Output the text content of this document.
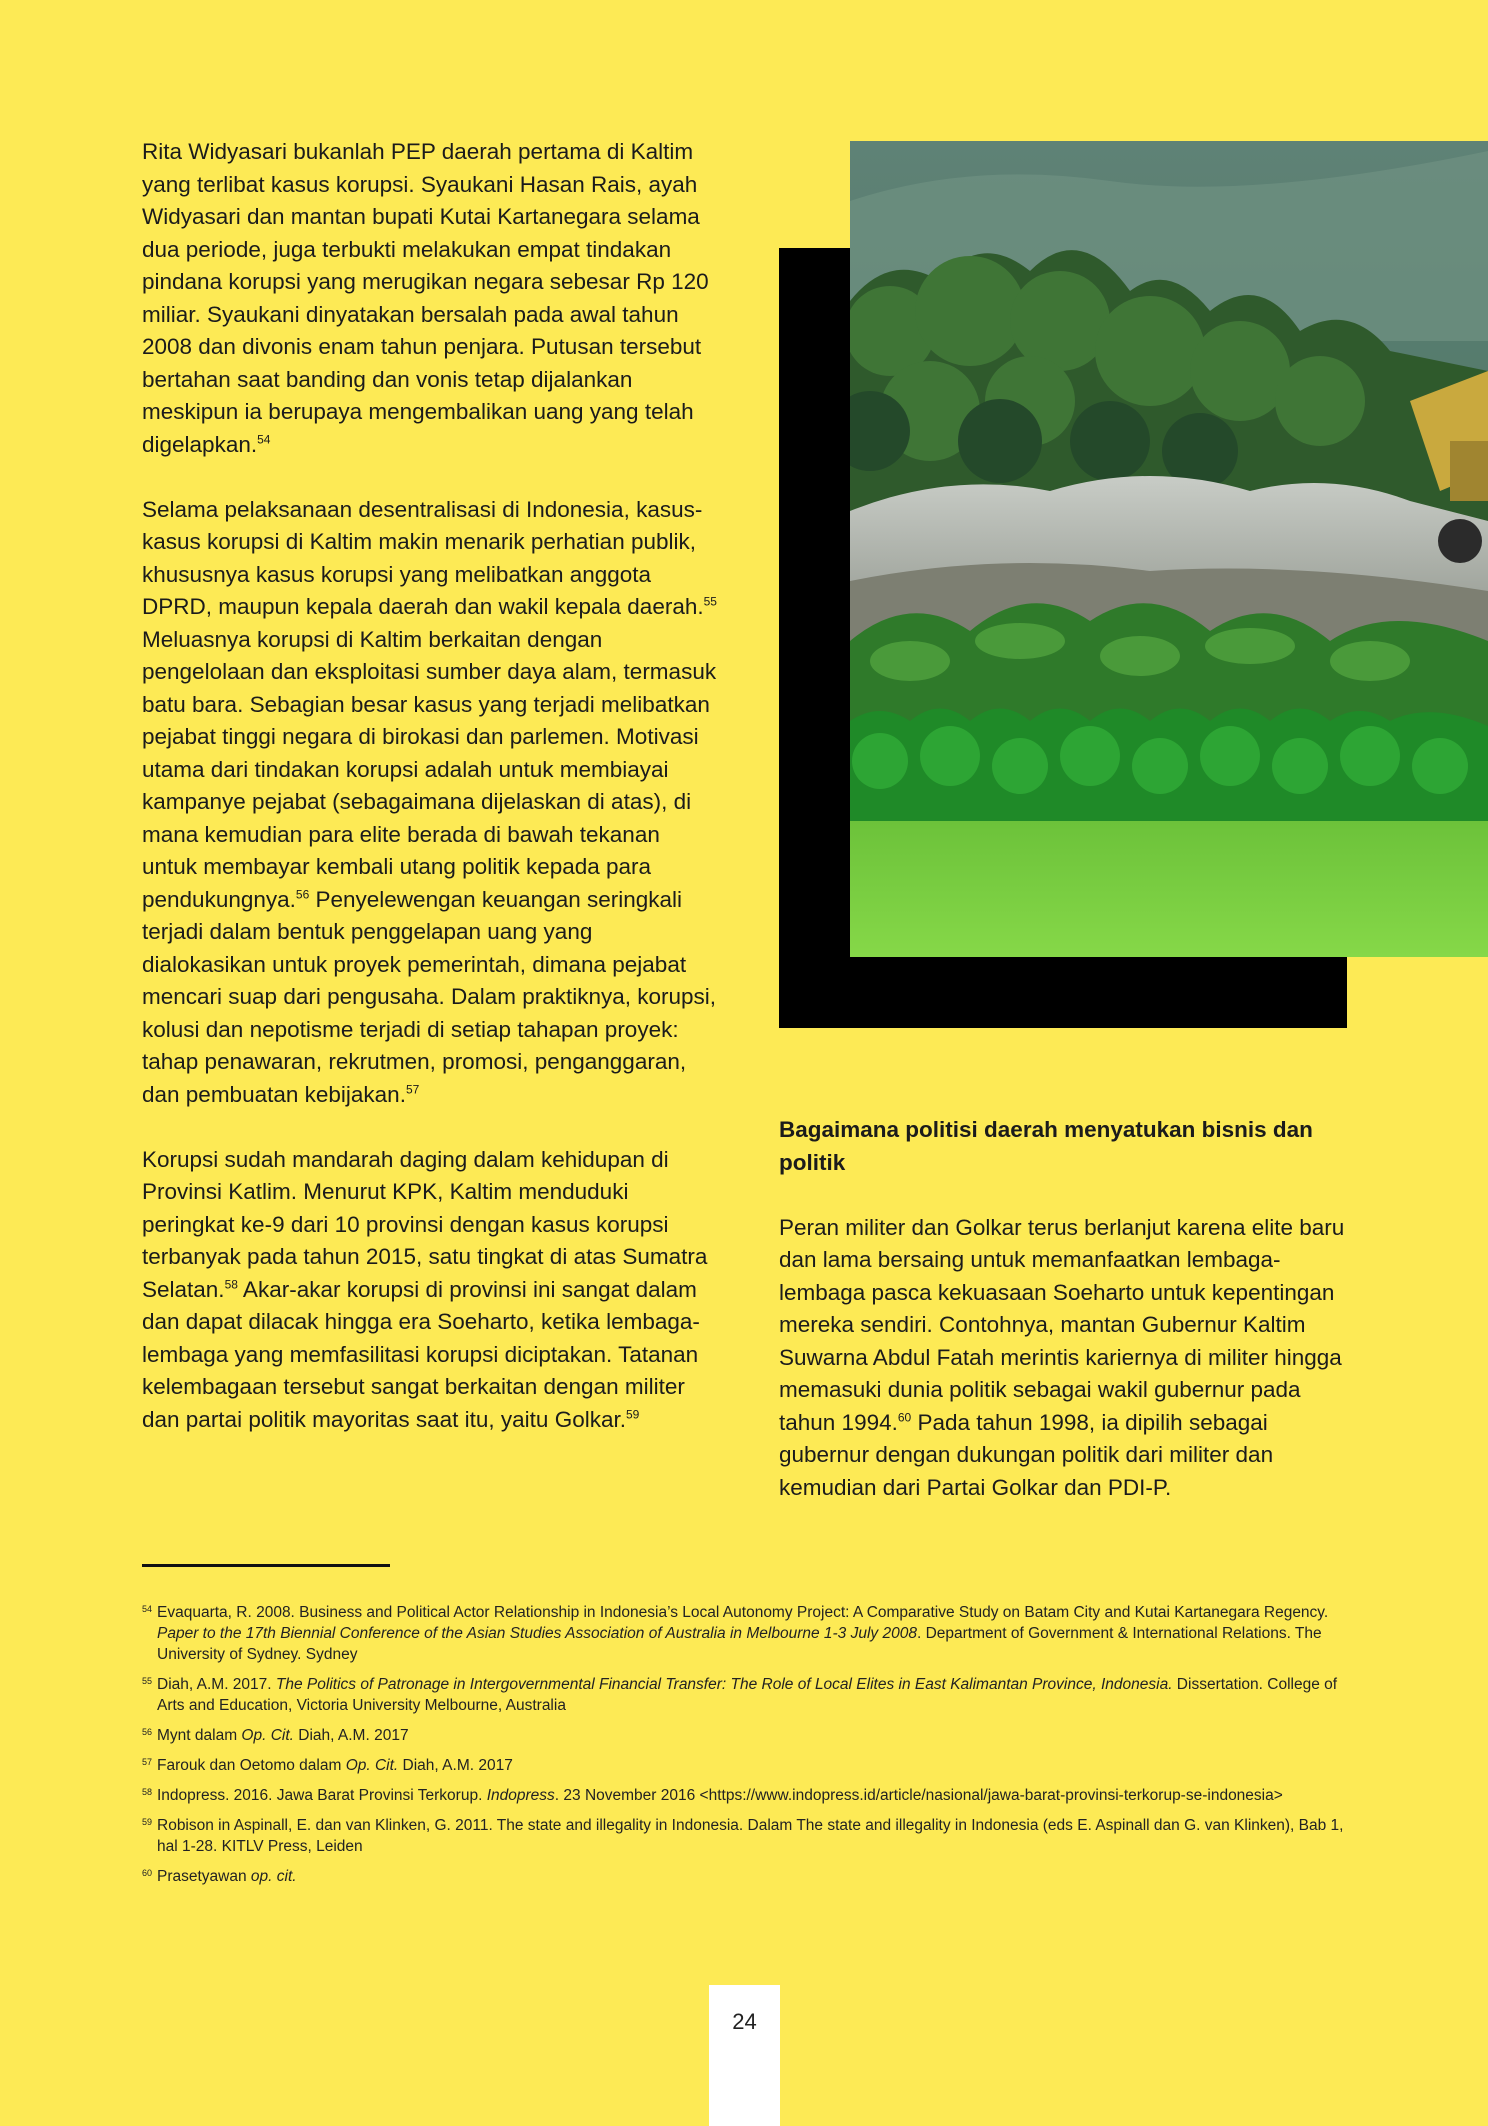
Rita Widyasari bukanlah PEP daerah pertama di Kaltim yang terlibat kasus korupsi. Syaukani Hasan Rais, ayah Widyasari dan mantan bupati Kutai Kartanegara selama dua periode, juga terbukti melakukan empat tindakan pindana korupsi yang merugikan negara sebesar Rp 120 miliar. Syaukani dinyatakan bersalah pada awal tahun 2008 dan divonis enam tahun penjara. Putusan tersebut bertahan saat banding dan vonis tetap dijalankan meskipun ia berupaya mengembalikan uang yang telah digelapkan.$^{54}$

Selama pelaksanaan desentralisasi di Indonesia, kasus-kasus korupsi di Kaltim makin menarik perhatian publik, khususnya kasus korupsi yang melibatkan anggota DPRD, maupun kepala daerah dan wakil kepala daerah.$^{55}$ Meluasnya korupsi di Kaltim berkaitan dengan pengelolaan dan eksploitasi sumber daya alam, termasuk batu bara. Sebagian besar kasus yang terjadi melibatkan pejabat tinggi negara di birokasi dan parlemen. Motivasi utama dari tindakan korupsi adalah untuk membiayai kampanye pejabat (sebagaimana dijelaskan di atas), di mana kemudian para elite berada di bawah tekanan untuk membayar kembali utang politik kepada para pendukungnya.$^{56}$ Penyelewengan keuangan seringkali terjadi dalam bentuk penggelapan uang yang dialokasikan untuk proyek pemerintah, dimana pejabat mencari suap dari pengusaha. Dalam praktiknya, korupsi, kolusi dan nepotisme terjadi di setiap tahapan proyek: tahap penawaran, rekrutmen, promosi, penganggaran, dan pembuatan kebijakan.$^{57}$

Korupsi sudah mandarah daging dalam kehidupan di Provinsi Katlim. Menurut KPK, Kaltim menduduki peringkat ke-9 dari 10 provinsi dengan kasus korupsi terbanyak pada tahun 2015, satu tingkat di atas Sumatra Selatan.$^{58}$ Akar-akar korupsi di provinsi ini sangat dalam dan dapat dilacak hingga era Soeharto, ketika lembaga-lembaga yang memfasilitasi korupsi diciptakan. Tatanan kelembagaan tersebut sangat berkaitan dengan militer dan partai politik mayoritas saat itu, yaitu Golkar.$^{59}$

Bagaimana politisi daerah menyatukan bisnis dan politik

Peran militer dan Golkar terus berlanjut karena elite baru dan lama bersaing untuk memanfaatkan lembaga-lembaga pasca kekuasaan Soeharto untuk kepentingan mereka sendiri. Contohnya, mantan Gubernur Kaltim Suwarna Abdul Fatah merintis kariernya di militer hingga memasuki dunia politik sebagai wakil gubernur pada tahun 1994.60 Pada tahun 1998, ia dipilih sebagai gubernur dengan dukungan politik dari militer dan kemudian dari Partai Golkar dan PDI-P.

54 Evaquarta, R. 2008. Business and Political Actor Relationship in Indonesia’s Local Autonomy Project: A Comparative Study on Batam City and Kutai Kartanegara Regency. Paper to the 17th Biennial Conference of the Asian Studies Association of Australia in Melbourne 1-3 July 2008. Department of Government & International Relations. The University of Sydney. Sydney
55 Diah, A.M. 2017. The Politics of Patronage in Intergovernmental Financial Transfer: The Role of Local Elites in East Kalimantan Province, Indonesia. Dissertation. College of Arts and Education, Victoria University Melbourne, Australia
56 Mynt dalam Op. Cit. Diah, A.M. 2017
57 Farouk dan Oetomo dalam Op. Cit. Diah, A.M. 2017
58 Indopress. 2016. Jawa Barat Provinsi Terkorup. Indopress. 23 November 2016 <https://www.indopress.id/article/nasional/jawa-barat-provinsi-terkorup-se-indonesia>
59 Robison in Aspinall, E. dan van Klinken, G. 2011. The state and illegality in Indonesia. Dalam The state and illegality in Indonesia (eds E. Aspinall dan G. van Klinken), Bab 1, hal 1-28. KITLV Press, Leiden
60 Prasetyawan op. cit.
24
